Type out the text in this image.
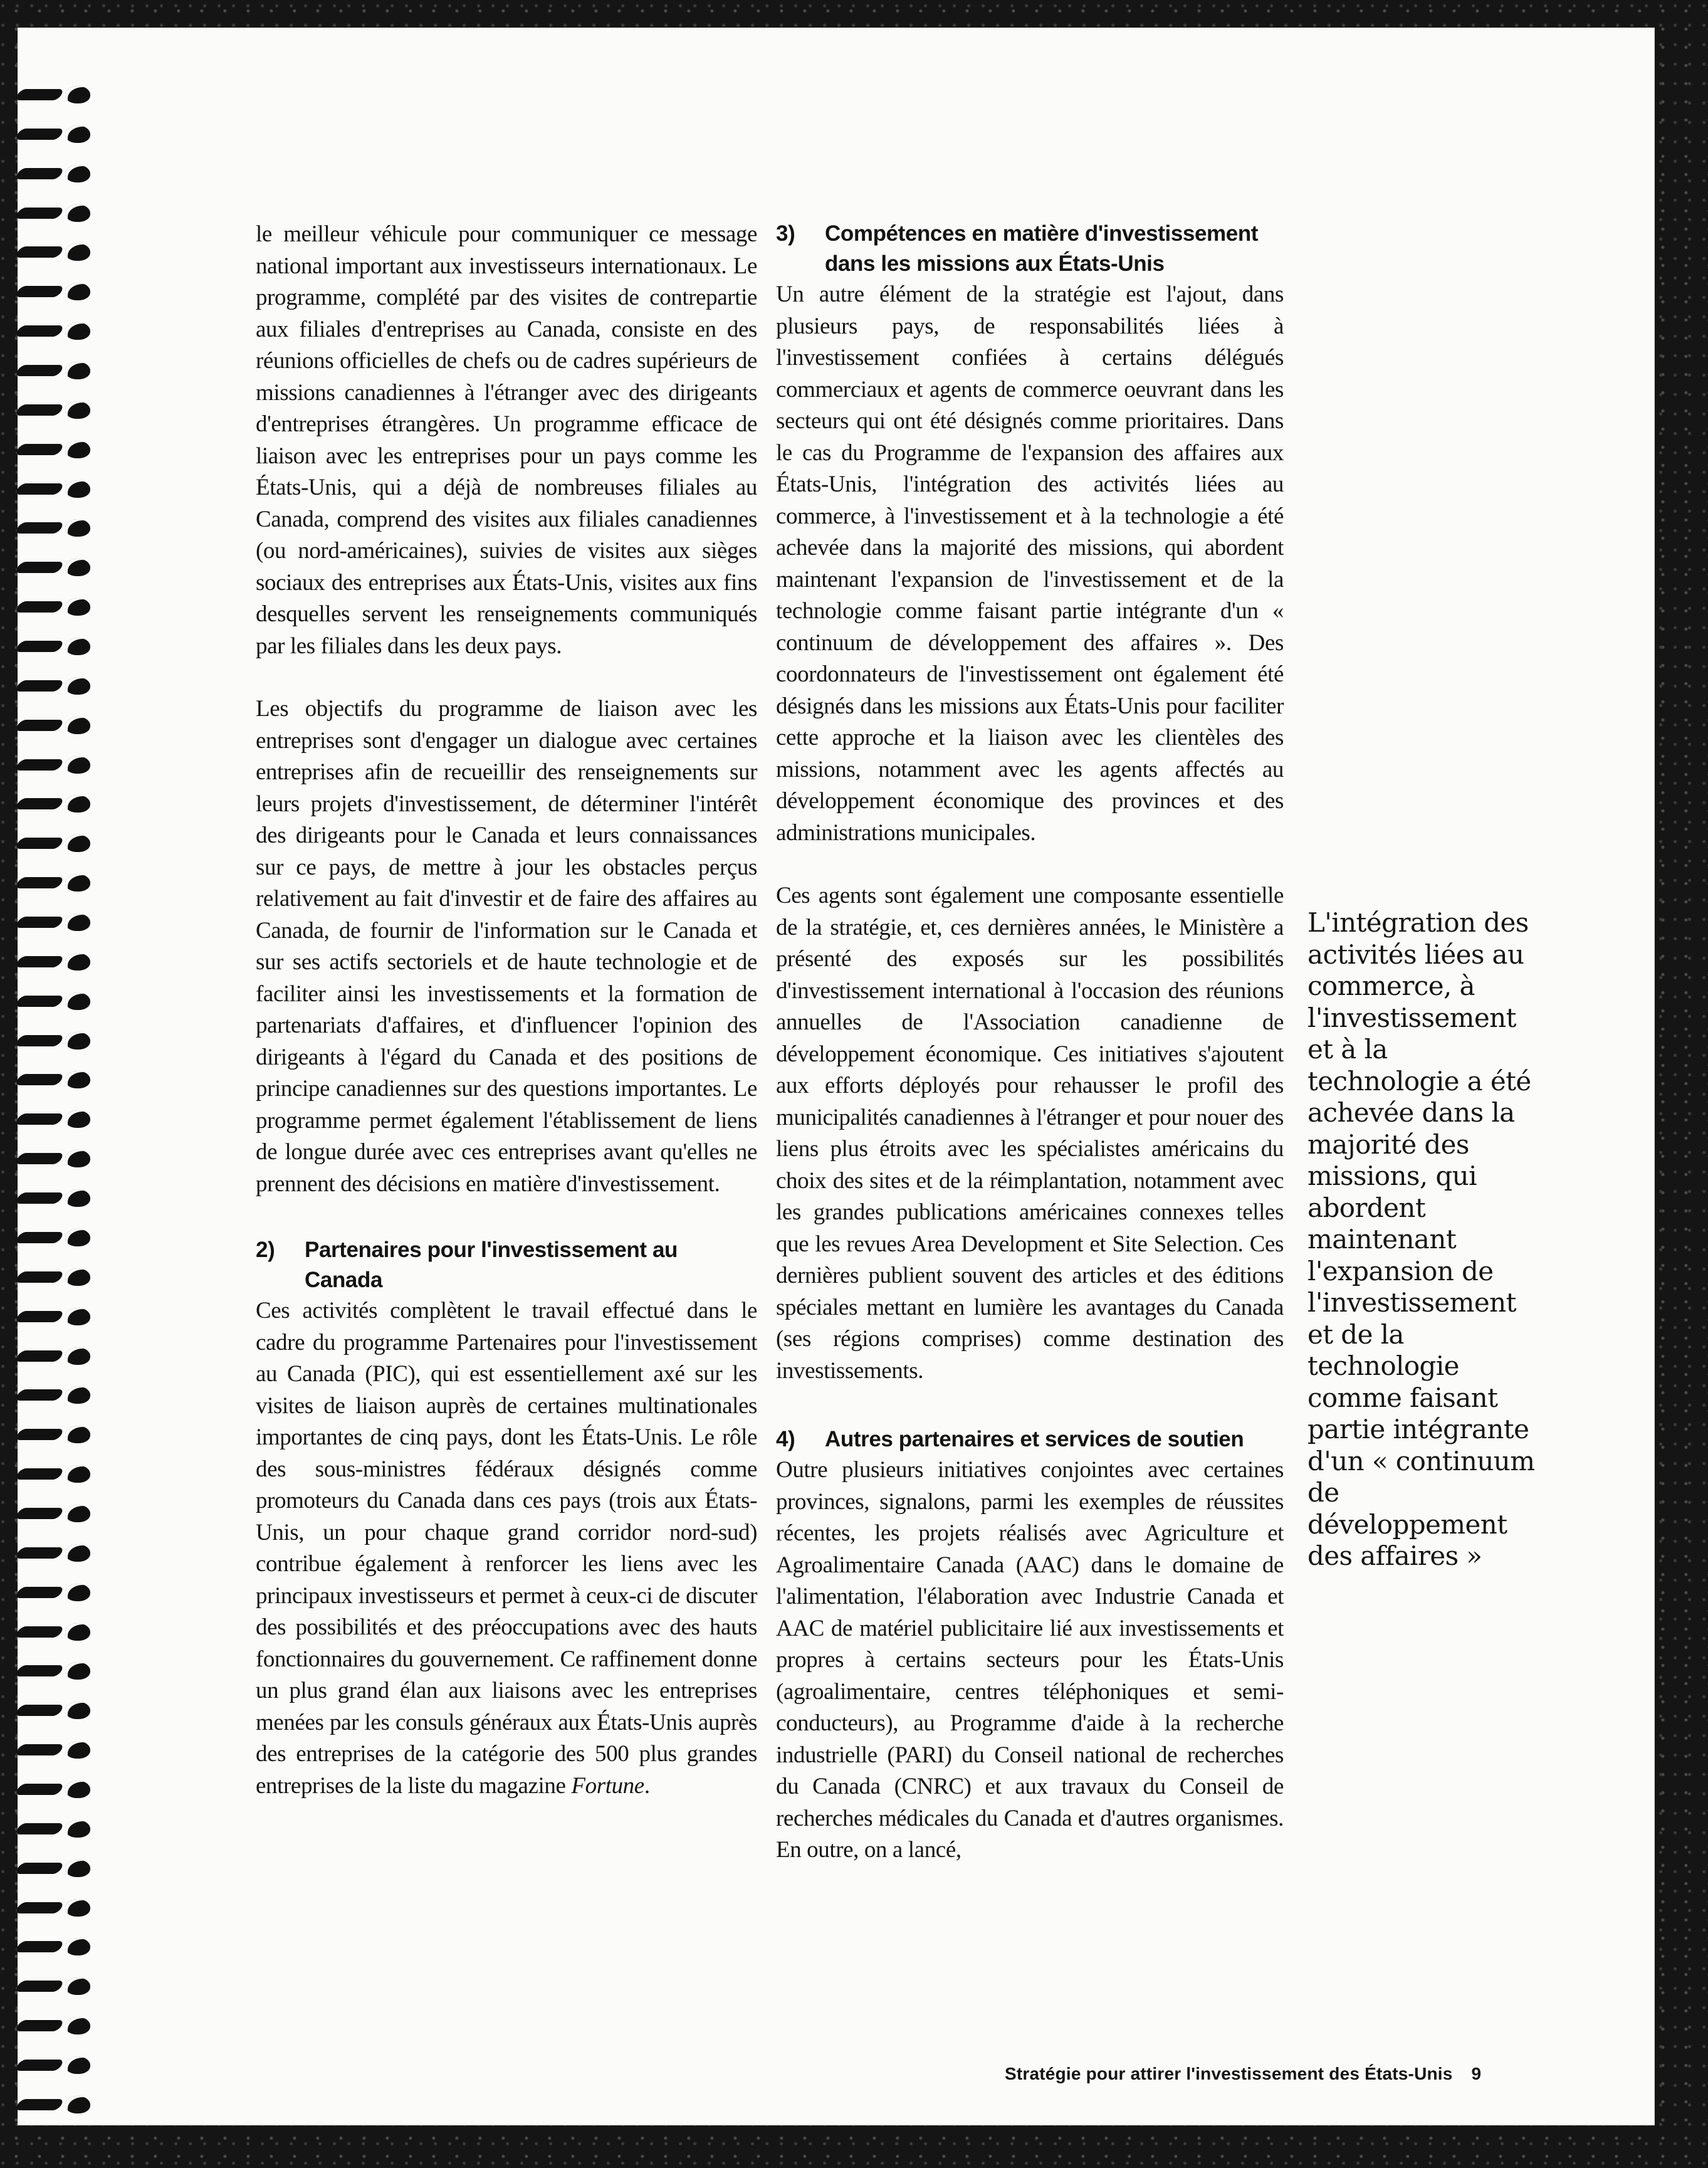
le meilleur véhicule pour communiquer ce message national important aux investisseurs internationaux. Le programme, complété par des visites de contrepartie aux filiales d'entreprises au Canada, consiste en des réunions officielles de chefs ou de cadres supérieurs de missions canadiennes à l'étranger avec des dirigeants d'entreprises étrangères. Un programme efficace de liaison avec les entreprises pour un pays comme les États-Unis, qui a déjà de nombreuses filiales au Canada, comprend des visites aux filiales canadiennes (ou nord-américaines), suivies de visites aux sièges sociaux des entreprises aux États-Unis, visites aux fins desquelles servent les renseignements communiqués par les filiales dans les deux pays.

Les objectifs du programme de liaison avec les entreprises sont d'engager un dialogue avec certaines entreprises afin de recueillir des renseignements sur leurs projets d'investissement, de déterminer l'intérêt des dirigeants pour le Canada et leurs connaissances sur ce pays, de mettre à jour les obstacles perçus relativement au fait d'investir et de faire des affaires au Canada, de fournir de l'information sur le Canada et sur ses actifs sectoriels et de haute technologie et de faciliter ainsi les investissements et la formation de partenariats d'affaires, et d'influencer l'opinion des dirigeants à l'égard du Canada et des positions de principe canadiennes sur des questions importantes. Le programme permet également l'établissement de liens de longue durée avec ces entreprises avant qu'elles ne prennent des décisions en matière d'investissement.

2)	Partenaires pour l'investissement au Canada

Ces activités complètent le travail effectué dans le cadre du programme Partenaires pour l'investissement au Canada (PIC), qui est essentiellement axé sur les visites de liaison auprès de certaines multinationales importantes de cinq pays, dont les États-Unis. Le rôle des sous-ministres fédéraux désignés comme promoteurs du Canada dans ces pays (trois aux États-Unis, un pour chaque grand corridor nord-sud) contribue également à renforcer les liens avec les principaux investisseurs et permet à ceux-ci de discuter des possibilités et des préoccupations avec des hauts fonctionnaires du gouvernement. Ce raffinement donne un plus grand élan aux liaisons avec les entreprises menées par les consuls généraux aux États-Unis auprès des entreprises de la catégorie des 500 plus grandes entreprises de la liste du magazine Fortune.

3)	Compétences en matière d'investissement dans les missions aux États-Unis

Un autre élément de la stratégie est l'ajout, dans plusieurs pays, de responsabilités liées à l'investissement confiées à certains délégués commerciaux et agents de commerce oeuvrant dans les secteurs qui ont été désignés comme prioritaires. Dans le cas du Programme de l'expansion des affaires aux États-Unis, l'intégration des activités liées au commerce, à l'investissement et à la technologie a été achevée dans la majorité des missions, qui abordent maintenant l'expansion de l'investissement et de la technologie comme faisant partie intégrante d'un « continuum de développement des affaires ». Des coordonnateurs de l'investissement ont également été désignés dans les missions aux États-Unis pour faciliter cette approche et la liaison avec les clientèles des missions, notamment avec les agents affectés au développement économique des provinces et des administrations municipales.

Ces agents sont également une composante essentielle de la stratégie, et, ces dernières années, le Ministère a présenté des exposés sur les possibilités d'investissement international à l'occasion des réunions annuelles de l'Association canadienne de développement économique. Ces initiatives s'ajoutent aux efforts déployés pour rehausser le profil des municipalités canadiennes à l'étranger et pour nouer des liens plus étroits avec les spécialistes américains du choix des sites et de la réimplantation, notamment avec les grandes publications américaines connexes telles que les revues Area Development et Site Selection. Ces dernières publient souvent des articles et des éditions spéciales mettant en lumière les avantages du Canada (ses régions comprises) comme destination des investissements.

4)	Autres partenaires et services de soutien

Outre plusieurs initiatives conjointes avec certaines provinces, signalons, parmi les exemples de réussites récentes, les projets réalisés avec Agriculture et Agroalimentaire Canada (AAC) dans le domaine de l'alimentation, l'élaboration avec Industrie Canada et AAC de matériel publicitaire lié aux investissements et propres à certains secteurs pour les États-Unis (agroalimentaire, centres téléphoniques et semi-conducteurs), au Programme d'aide à la recherche industrielle (PARI) du Conseil national de recherches du Canada (CNRC) et aux travaux du Conseil de recherches médicales du Canada et d'autres organismes. En outre, on a lancé,

L'intégration des activités liées au commerce, à l'investissement et à la technologie a été achevée dans la majorité des missions, qui abordent maintenant l'expansion de l'investissement et de la technologie comme faisant partie intégrante d'un « continuum de développement des affaires »
Stratégie pour attirer l'investissement des États-Unis 9
